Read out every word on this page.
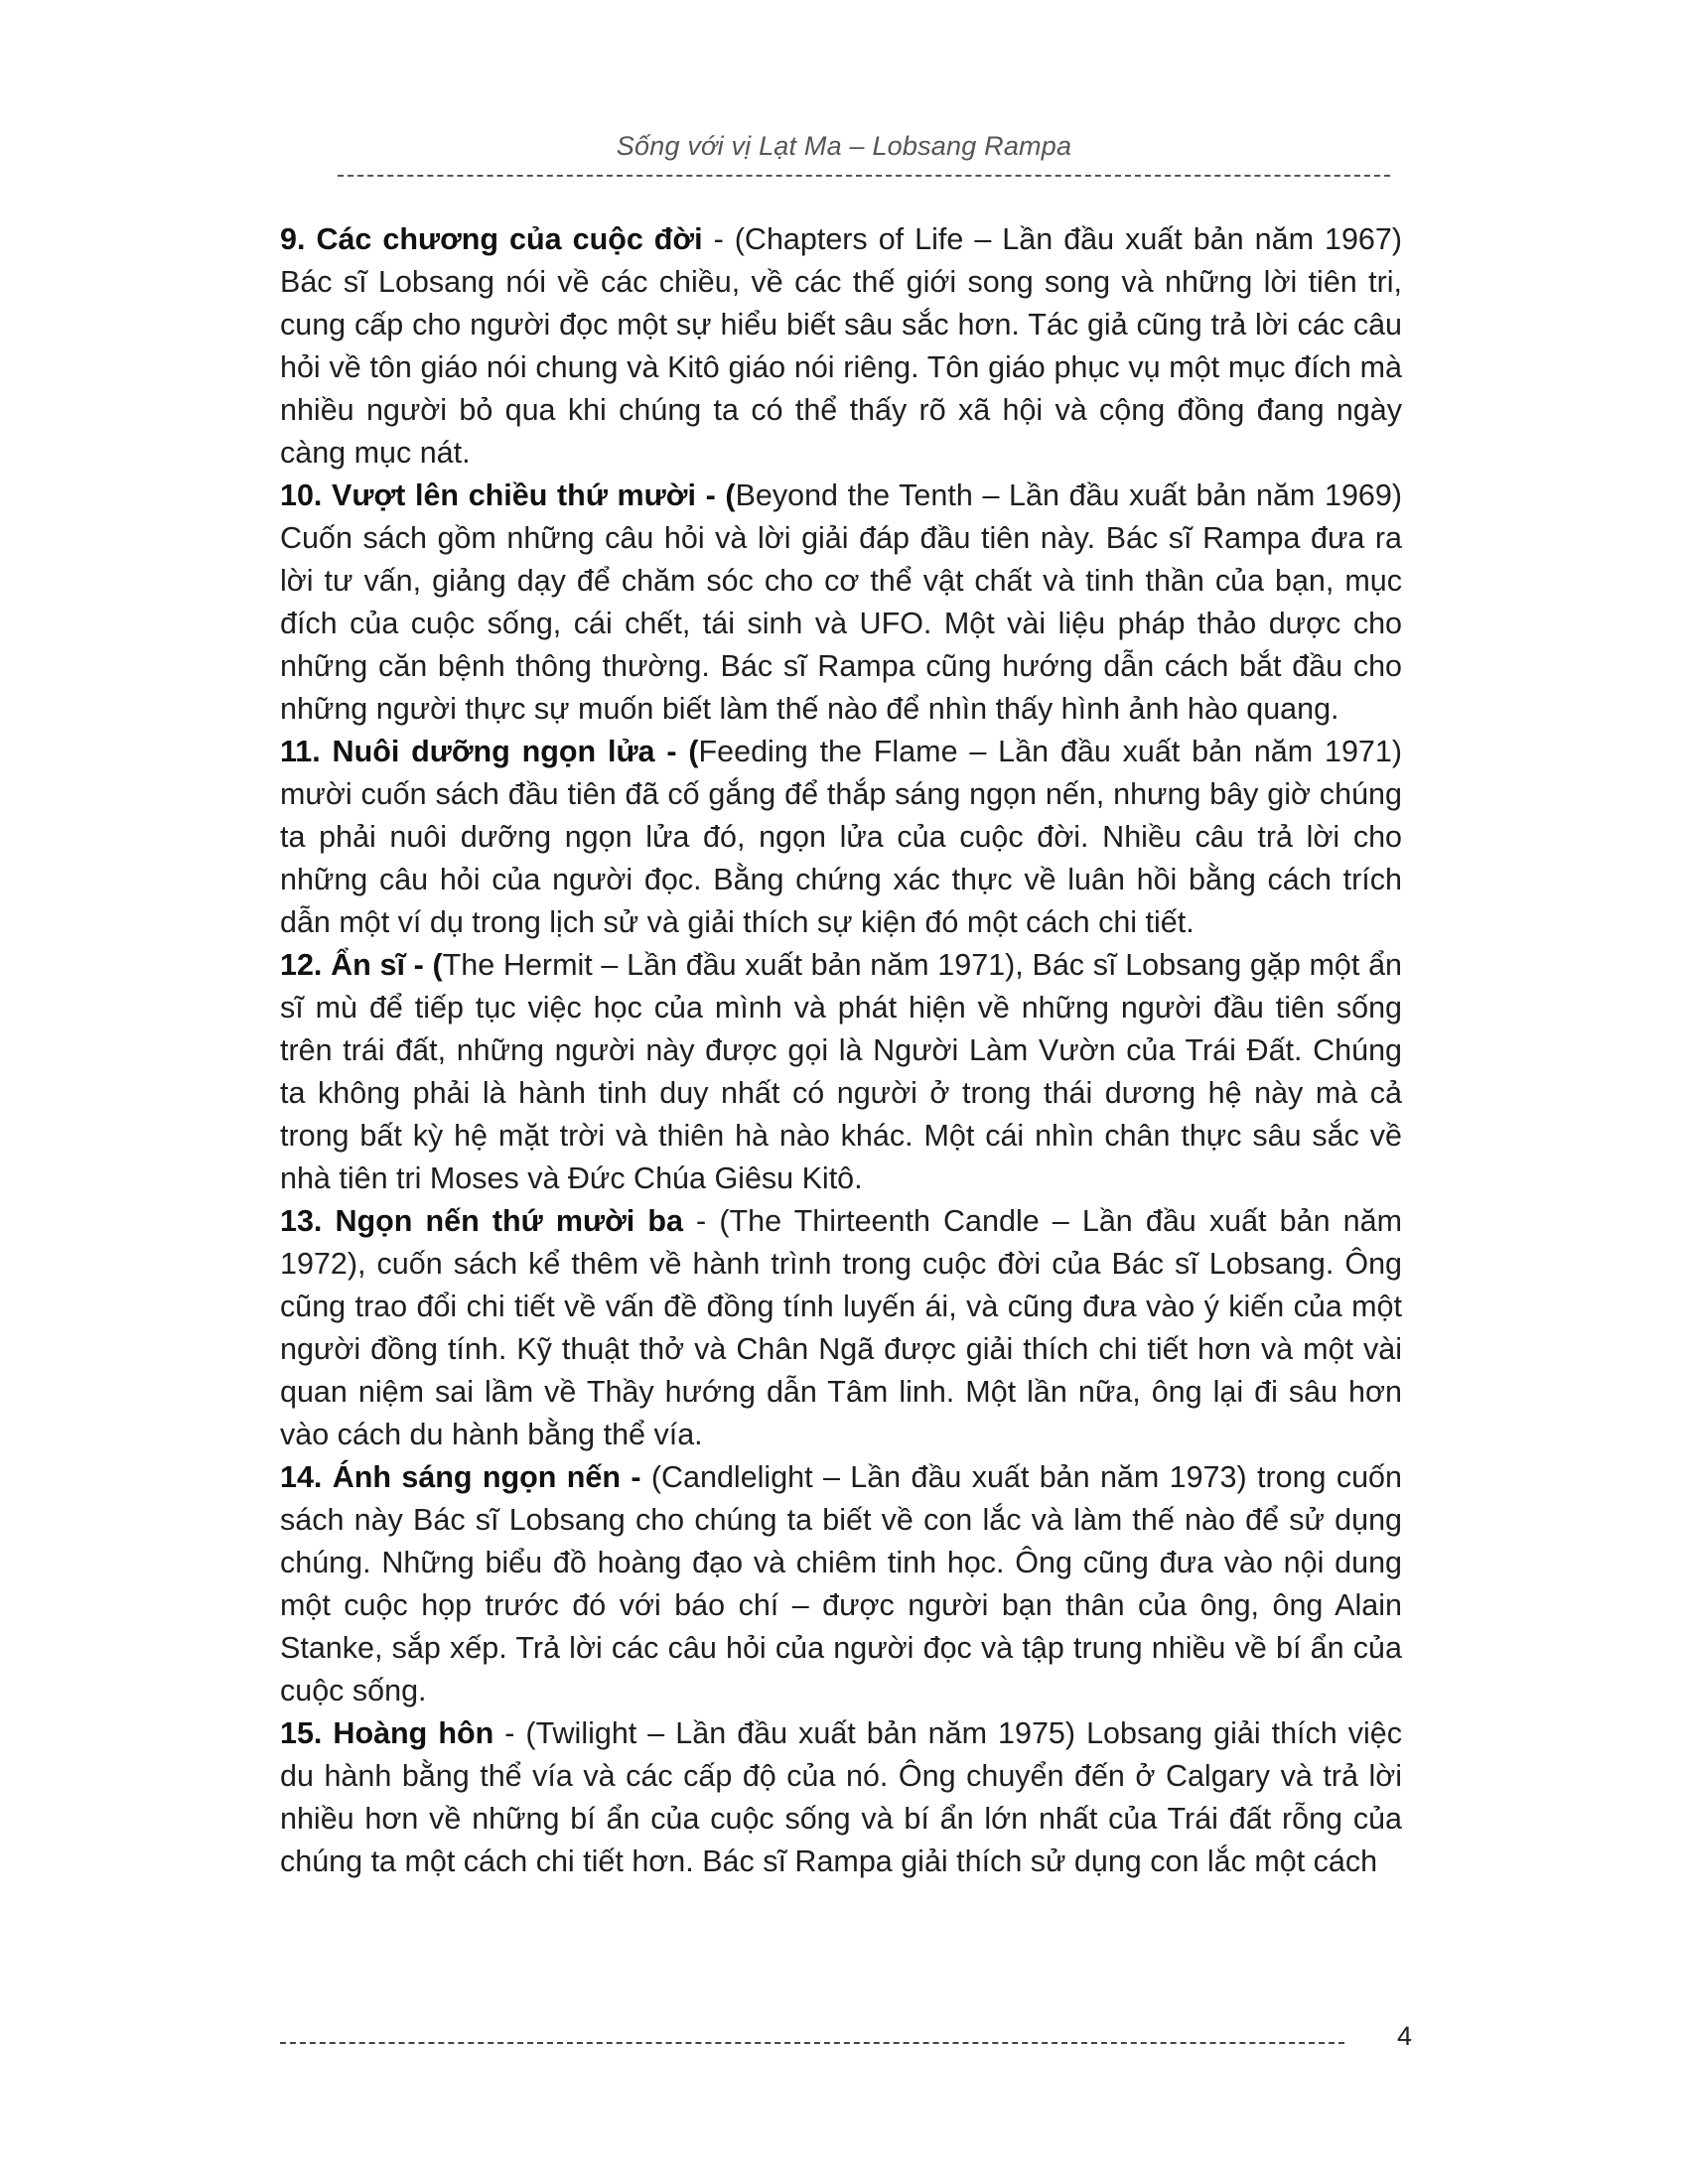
Sống với vị Lạt Ma – Lobsang Rampa

9. Các chương của cuộc đời - (Chapters of Life – Lần đầu xuất bản năm 1967) Bác sĩ Lobsang nói về các chiều, về các thế giới song song và những lời tiên tri, cung cấp cho người đọc một sự hiểu biết sâu sắc hơn. Tác giả cũng trả lời các câu hỏi về tôn giáo nói chung và Kitô giáo nói riêng. Tôn giáo phục vụ một mục đích mà nhiều người bỏ qua khi chúng ta có thể thấy rõ xã hội và cộng đồng đang ngày càng mục nát.

10. Vượt lên chiều thứ mười - (Beyond the Tenth – Lần đầu xuất bản năm 1969) Cuốn sách gồm những câu hỏi và lời giải đáp đầu tiên này. Bác sĩ Rampa đưa ra lời tư vấn, giảng dạy để chăm sóc cho cơ thể vật chất và tinh thần của bạn, mục đích của cuộc sống, cái chết, tái sinh và UFO. Một vài liệu pháp thảo dược cho những căn bệnh thông thường. Bác sĩ Rampa cũng hướng dẫn cách bắt đầu cho những người thực sự muốn biết làm thế nào để nhìn thấy hình ảnh hào quang.

11. Nuôi dưỡng ngọn lửa - (Feeding the Flame – Lần đầu xuất bản năm 1971) mười cuốn sách đầu tiên đã cố gắng để thắp sáng ngọn nến, nhưng bây giờ chúng ta phải nuôi dưỡng ngọn lửa đó, ngọn lửa của cuộc đời. Nhiều câu trả lời cho những câu hỏi của người đọc. Bằng chứng xác thực về luân hồi bằng cách trích dẫn một ví dụ trong lịch sử và giải thích sự kiện đó một cách chi tiết.

12. Ẩn sĩ - (The Hermit – Lần đầu xuất bản năm 1971), Bác sĩ Lobsang gặp một ẩn sĩ mù để tiếp tục việc học của mình và phát hiện về những người đầu tiên sống trên trái đất, những người này được gọi là Người Làm Vườn của Trái Đất. Chúng ta không phải là hành tinh duy nhất có người ở trong thái dương hệ này mà cả trong bất kỳ hệ mặt trời và thiên hà nào khác. Một cái nhìn chân thực sâu sắc về nhà tiên tri Moses và Đức Chúa Giêsu Kitô.

13. Ngọn nến thứ mười ba - (The Thirteenth Candle – Lần đầu xuất bản năm 1972), cuốn sách kể thêm về hành trình trong cuộc đời của Bác sĩ Lobsang. Ông cũng trao đổi chi tiết về vấn đề đồng tính luyến ái, và cũng đưa vào ý kiến của một người đồng tính. Kỹ thuật thở và Chân Ngã được giải thích chi tiết hơn và một vài quan niệm sai lầm về Thầy hướng dẫn Tâm linh. Một lần nữa, ông lại đi sâu hơn vào cách du hành bằng thể vía.

14. Ánh sáng ngọn nến - (Candlelight – Lần đầu xuất bản năm 1973) trong cuốn sách này Bác sĩ Lobsang cho chúng ta biết về con lắc và làm thế nào để sử dụng chúng. Những biểu đồ hoàng đạo và chiêm tinh học. Ông cũng đưa vào nội dung một cuộc họp trước đó với báo chí – được người bạn thân của ông, ông Alain Stanke, sắp xếp. Trả lời các câu hỏi của người đọc và tập trung nhiều về bí ẩn của cuộc sống.

15. Hoàng hôn - (Twilight – Lần đầu xuất bản năm 1975) Lobsang giải thích việc du hành bằng thể vía và các cấp độ của nó. Ông chuyển đến ở Calgary và trả lời nhiều hơn về những bí ẩn của cuộc sống và bí ẩn lớn nhất của Trái đất rỗng của chúng ta một cách chi tiết hơn. Bác sĩ Rampa giải thích sử dụng con lắc một cách

4
